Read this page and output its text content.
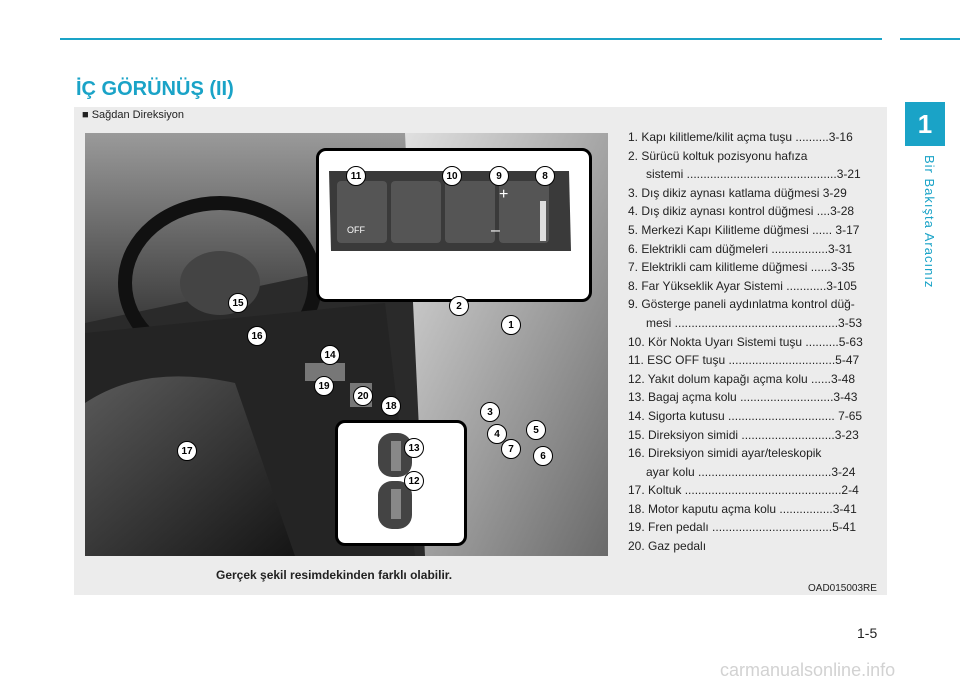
1
Bir Bakışta Aracınız
İÇ GÖRÜNÜŞ (II)
■ Sağdan Direksiyon
OFF
+
–
1
2
3
4	5
6
7
8
9
10
11
12
13
14
15
16
17
18
19
20
1. Kapı kilitleme/kilit açma tuşu ..........3-16
2. Sürücü koltuk pozisyonu hafıza
sistemi .............................................3-21
3. Dış dikiz aynası katlama düğmesi 3-29
4. Dış dikiz aynası kontrol düğmesi ....3-28
5. Merkezi Kapı Kilitleme düğmesi ...... 3-17
6. Elektrikli cam düğmeleri .................3-31
7. Elektrikli cam kilitleme düğmesi ......3-35
8. Far Yükseklik Ayar Sistemi ............3-105
9. Gösterge paneli aydınlatma kontrol düğ-
mesi .................................................3-53
10. Kör Nokta Uyarı Sistemi tuşu ..........5-63
11. ESC OFF tuşu ................................5-47
12. Yakıt dolum kapağı açma kolu ......3-48
13. Bagaj açma kolu ............................3-43
14. Sigorta kutusu ................................ 7-65
15. Direksiyon simidi ............................3-23
16. Direksiyon simidi ayar/teleskopik
ayar kolu ........................................3-24
17. Koltuk ...............................................2-4
18. Motor kaputu açma kolu ................3-41
19. Fren pedalı ....................................5-41
20. Gaz pedalı
Gerçek şekil resimdekinden farklı olabilir.
OAD015003RE
1-5
carmanualsonline.info
